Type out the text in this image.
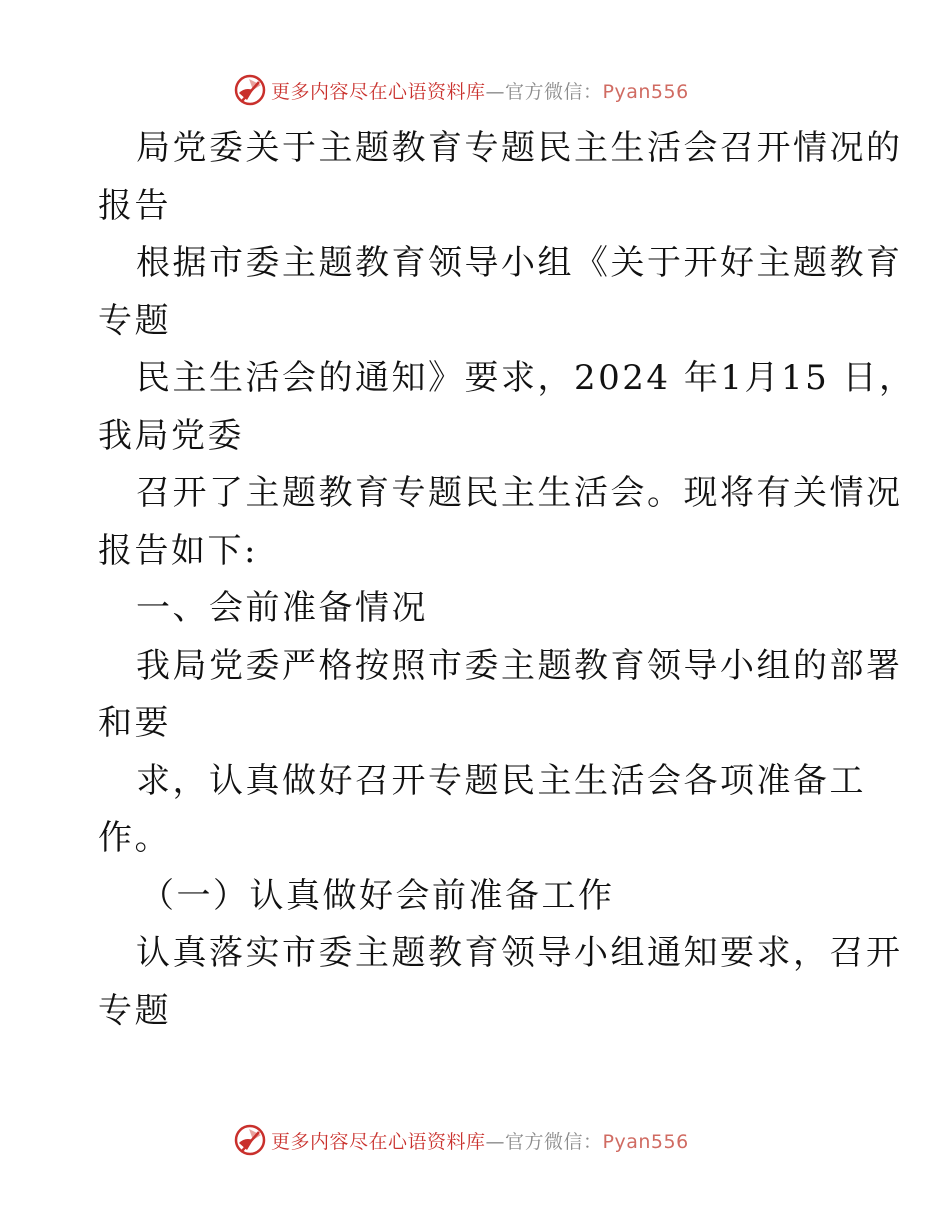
更多内容尽在心语资料库—官方微信：Pyan556
局党委关于主题教育专题民主生活会召开情况的
报告
根据市委主题教育领导小组《关于开好主题教育
专题
民主生活会的通知》要求，2024 年1月15 日，
我局党委
召开了主题教育专题民主生活会。现将有关情况
报告如下:
一、会前准备情况
我局党委严格按照市委主题教育领导小组的部署
和要
求，认真做好召开专题民主生活会各项准备工
作。
（一）认真做好会前准备工作
认真落实市委主题教育领导小组通知要求，召开
专题
更多内容尽在心语资料库—官方微信：Pyan556
